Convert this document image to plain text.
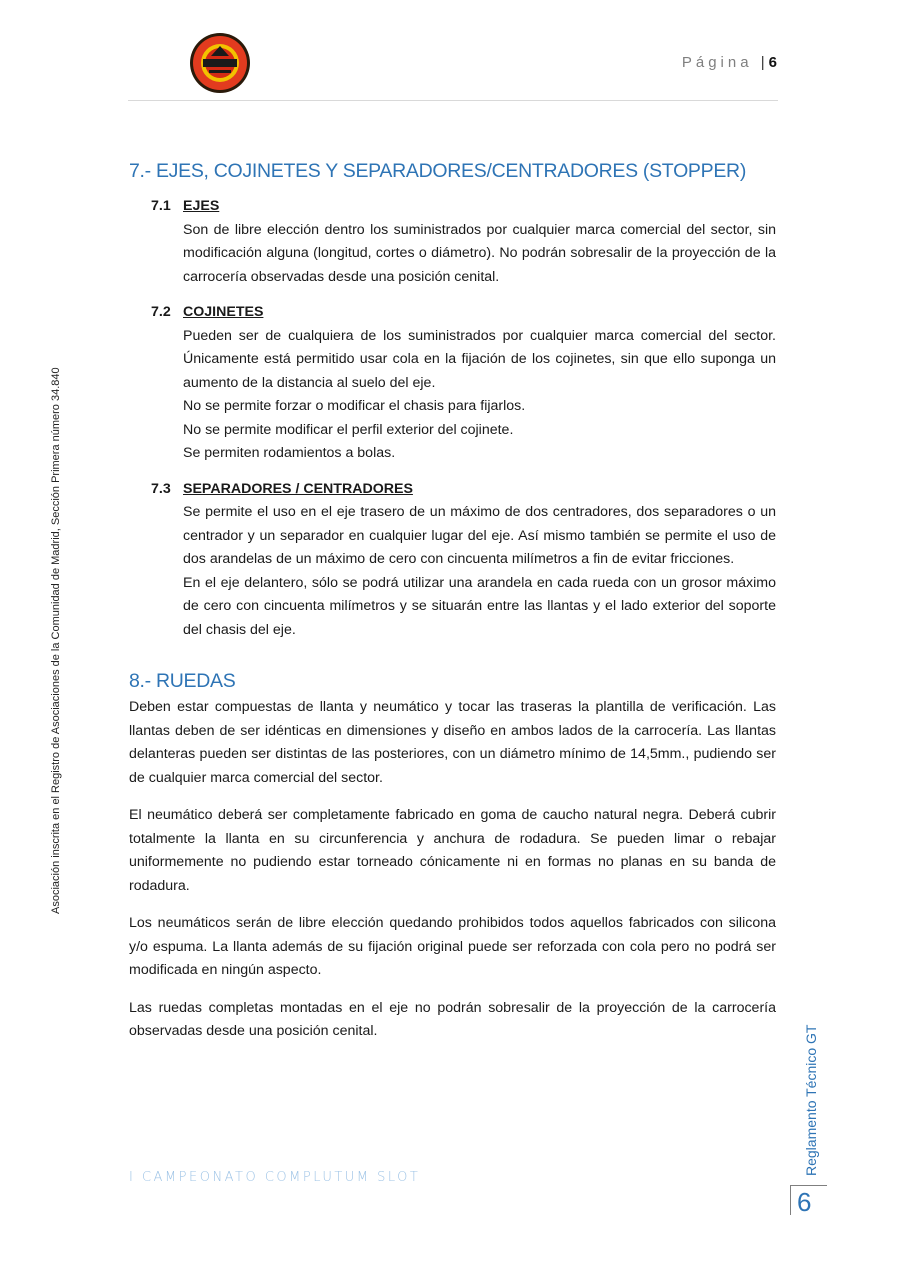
Página | 6
Asociación inscrita en el Registro de Asociaciones de la Comunidad de Madrid, Sección Primera número 34.840
7.- EJES, COJINETES Y SEPARADORES/CENTRADORES (STOPPER)
7.1 EJES

Son de libre elección dentro los suministrados por cualquier marca comercial del sector, sin modificación alguna (longitud, cortes o diámetro). No podrán sobresalir de la proyección de la carrocería observadas desde una posición cenital.

7.2 COJINETES

Pueden ser de cualquiera de los suministrados por cualquier marca comercial del sector. Únicamente está permitido usar cola en la fijación de los cojinetes, sin que ello suponga un aumento de la distancia al suelo del eje.

No se permite forzar o modificar el chasis para fijarlos.

No se permite modificar el perfil exterior del cojinete.

Se permiten rodamientos a bolas.

7.3 SEPARADORES / CENTRADORES

Se permite el uso en el eje trasero de un máximo de dos centradores, dos separadores o un centrador y un separador en cualquier lugar del eje. Así mismo también se permite el uso de dos arandelas de un máximo de cero con cincuenta milímetros a fin de evitar fricciones.

En el eje delantero, sólo se podrá utilizar una arandela en cada rueda con un grosor máximo de cero con cincuenta milímetros y se situarán entre las llantas y el lado exterior del soporte del chasis del eje.

8.- RUEDAS

Deben estar compuestas de llanta y neumático y tocar las traseras la plantilla de verificación. Las llantas deben de ser idénticas en dimensiones y diseño en ambos lados de la carrocería. Las llantas delanteras pueden ser distintas de las posteriores, con un diámetro mínimo de 14,5mm., pudiendo ser de cualquier marca comercial del sector.

El neumático deberá ser completamente fabricado en goma de caucho natural negra. Deberá cubrir totalmente la llanta en su circunferencia y anchura de rodadura. Se pueden limar o rebajar uniformemente no pudiendo estar torneado cónicamente ni en formas no planas en su banda de rodadura.

Los neumáticos serán de libre elección quedando prohibidos todos aquellos fabricados con silicona y/o espuma. La llanta además de su fijación original puede ser reforzada con cola pero no podrá ser modificada en ningún aspecto.

Las ruedas completas montadas en el eje no podrán sobresalir de la proyección de la carrocería observadas desde una posición cenital.

I CAMPEONATO COMPLUTUM SLOT
Reglamento Técnico GT
6
